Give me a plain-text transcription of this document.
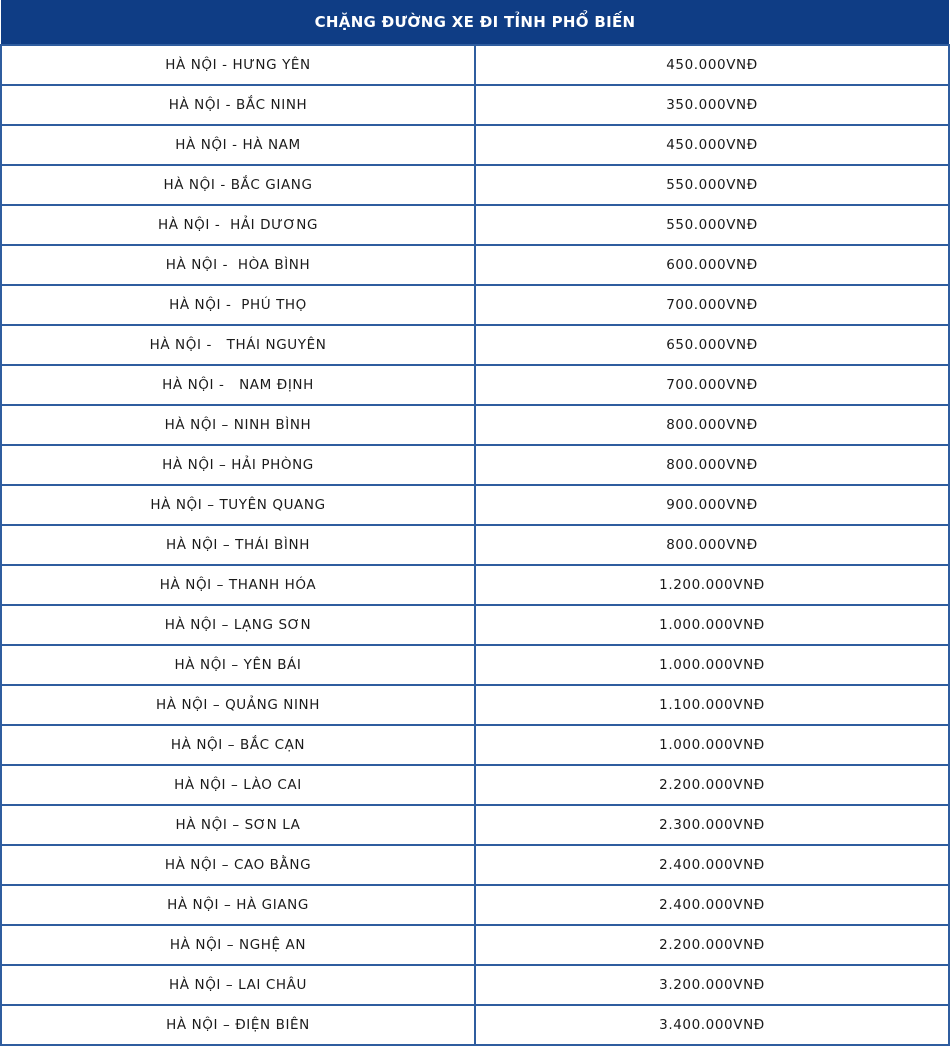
CHẶNG ĐƯỜNG XE ĐI TỈNH PHỔ BIẾN	
HÀ NỘI - HƯNG YÊN	450.000VNĐ
HÀ NỘI - BẮC NINH	350.000VNĐ
HÀ NỘI - HÀ NAM	450.000VNĐ
HÀ NỘI - BẮC GIANG	550.000VNĐ
HÀ NỘI -  HẢI DƯƠNG	550.000VNĐ
HÀ NỘI -  HÒA BÌNH	600.000VNĐ
HÀ NỘI -  PHÚ THỌ	700.000VNĐ
HÀ NỘI -   THÁI NGUYÊN	650.000VNĐ
HÀ NỘI -   NAM ĐỊNH	700.000VNĐ
HÀ NỘI – NINH BÌNH	800.000VNĐ
HÀ NỘI – HẢI PHÒNG	800.000VNĐ
HÀ NỘI – TUYÊN QUANG	900.000VNĐ
HÀ NỘI – THÁI BÌNH	800.000VNĐ
HÀ NỘI – THANH HÓA	1.200.000VNĐ
HÀ NỘI – LẠNG SƠN	1.000.000VNĐ
HÀ NỘI – YÊN BÁI	1.000.000VNĐ
HÀ NỘI – QUẢNG NINH	1.100.000VNĐ
HÀ NỘI – BẮC CẠN	1.000.000VNĐ
HÀ NỘI – LÀO CAI	2.200.000VNĐ
HÀ NỘI – SƠN LA	2.300.000VNĐ
HÀ NỘI – CAO BẰNG	2.400.000VNĐ
HÀ NỘI – HÀ GIANG	2.400.000VNĐ
HÀ NỘI – NGHỆ AN	2.200.000VNĐ
HÀ NỘI – LAI CHÂU	3.200.000VNĐ
HÀ NỘI – ĐIỆN BIÊN	3.400.000VNĐ
